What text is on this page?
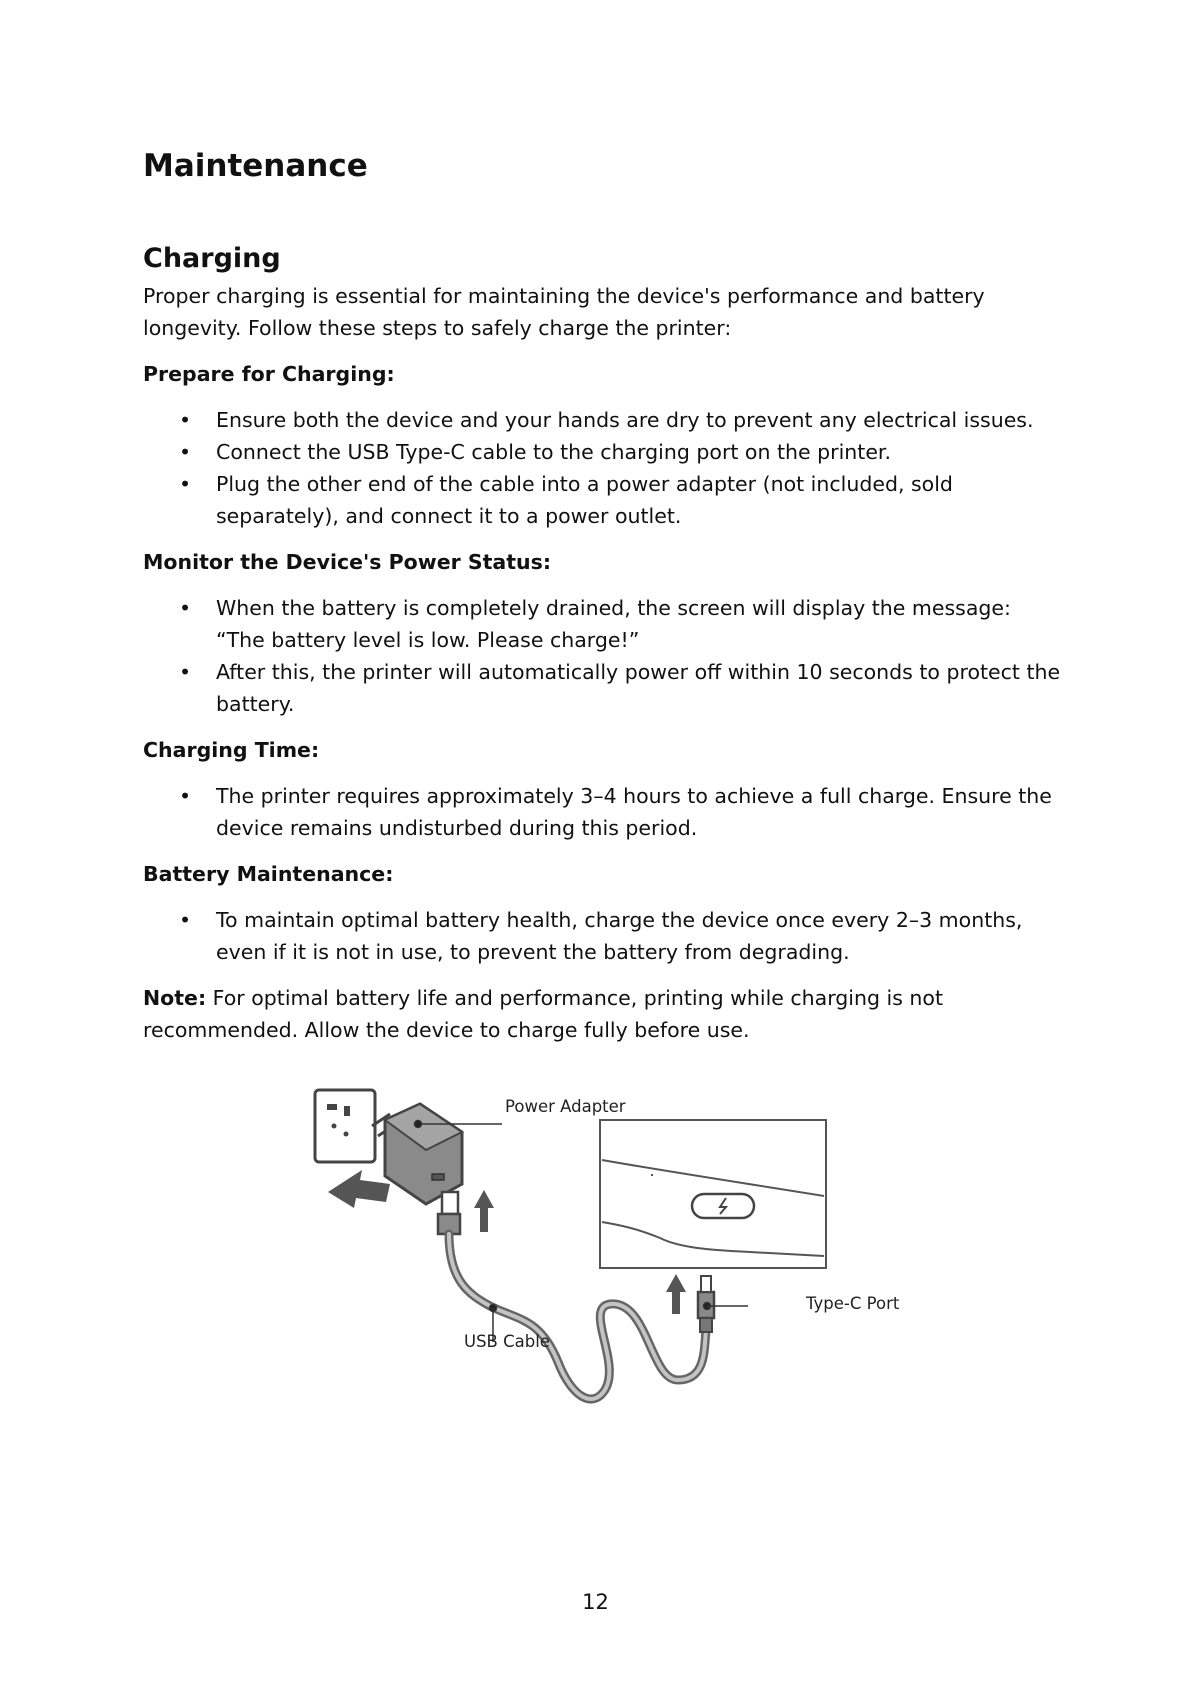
Maintenance
Charging

Proper charging is essential for maintaining the device's performance and battery longevity. Follow these steps to safely charge the printer:

Prepare for Charging:
• Ensure both the device and your hands are dry to prevent any electrical issues.
• Connect the USB Type-C cable to the charging port on the printer.
• Plug the other end of the cable into a power adapter (not included, sold separately), and connect it to a power outlet.
Monitor the Device's Power Status:
• When the battery is completely drained, the screen will display the message:
“The battery level is low. Please charge!”
• After this, the printer will automatically power off within 10 seconds to protect the battery.
Charging Time:
• The printer requires approximately 3–4 hours to achieve a full charge. Ensure the device remains undisturbed during this period.
Battery Maintenance:
• To maintain optimal battery health, charge the device once every 2–3 months, even if it is not in use, to prevent the battery from degrading.

Note: For optimal battery life and performance, printing while charging is not recommended. Allow the device to charge fully before use.

Power Adapter
USB Cable
Type-C Port
12
